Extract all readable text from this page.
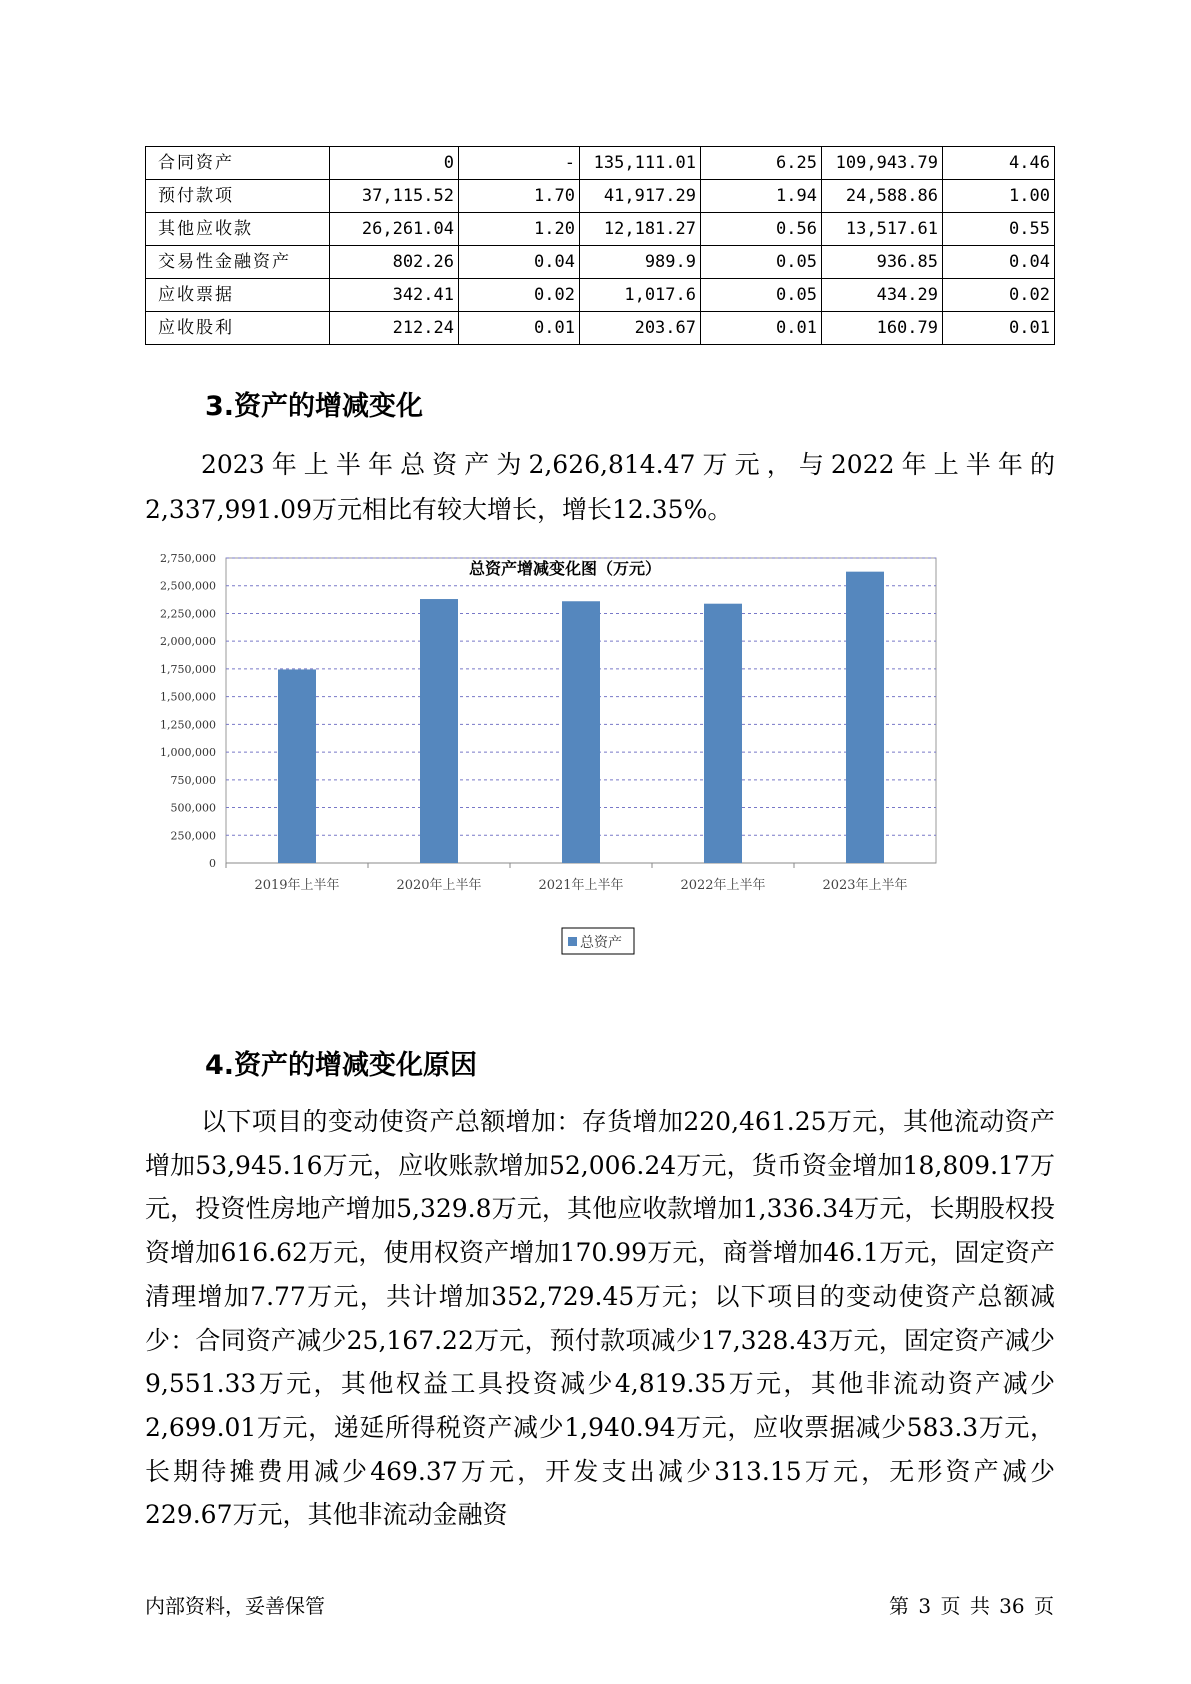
合同资产	0	-	135,111.01	6.25	109,943.79	4.46
预付款项	37,115.52	1.70	41,917.29	1.94	24,588.86	1.00
其他应收款	26,261.04	1.20	12,181.27	0.56	13,517.61	0.55
交易性金融资产	802.26	0.04	989.9	0.05	936.85	0.04
应收票据	342.41	0.02	1,017.6	0.05	434.29	0.02
应收股利	212.24	0.01	203.67	0.01	160.79	0.01
3.资产的增减变化

2023年上半年总资产为2,626,814.47万元，与2022年上半年的2,337,991.09万元相比有较大增长，增长12.35%。

总资产增减变化图（万元）
0
250,000
500,000
750,000
1,000,000
1,250,000
1,500,000
1,750,000
2,000,000
2,250,000
2,500,000
2,750,000
2019年上半年	2020年上半年	2021年上半年	2022年上半年	2023年上半年
总资产
4.资产的增减变化原因

以下项目的变动使资产总额增加：存货增加220,461.25万元，其他流动资产增加53,945.16万元，应收账款增加52,006.24万元，货币资金增加18,809.17万元，投资性房地产增加5,329.8万元，其他应收款增加1,336.34万元，长期股权投资增加616.62万元，使用权资产增加170.99万元，商誉增加46.1万元，固定资产清理增加7.77万元，共计增加352,729.45万元；以下项目的变动使资产总额减少：合同资产减少25,167.22万元，预付款项减少17,328.43万元，固定资产减少9,551.33万元，其他权益工具投资减少4,819.35万元，其他非流动资产减少2,699.01万元，递延所得税资产减少1,940.94万元，应收票据减少583.3万元，长期待摊费用减少469.37万元，开发支出减少313.15万元，无形资产减少229.67万元，其他非流动金融资

内部资料，妥善保管	第 3 页 共 36 页
